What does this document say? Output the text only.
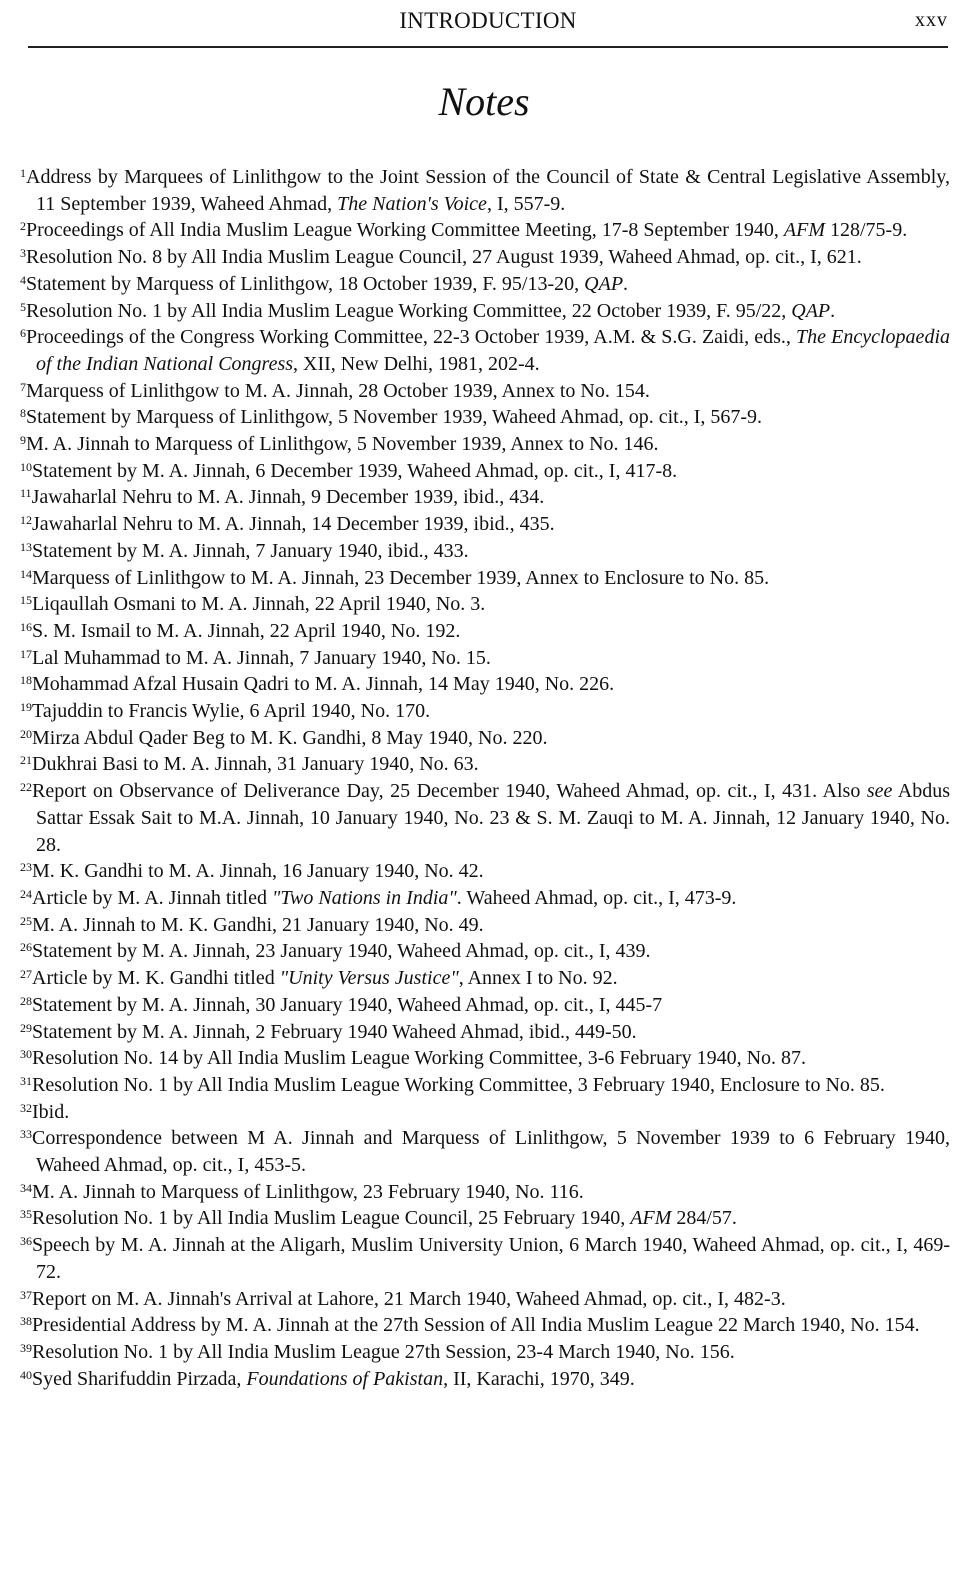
INTRODUCTION	xxv
Notes
$^1$Address by Marquees of Linlithgow to the Joint Session of the Council of State & Central Legislative Assembly, 11 September 1939, Waheed Ahmad, The Nation's Voice, I, 557-9.
$^2$Proceedings of All India Muslim League Working Committee Meeting, 17-8 September 1940, AFM 128/75-9.
$^3$Resolution No. 8 by All India Muslim League Council, 27 August 1939, Waheed Ahmad, op. cit., I, 621.
$^4$Statement by Marquess of Linlithgow, 18 October 1939, F. 95/13-20, QAP.
$^5$Resolution No. 1 by All India Muslim League Working Committee, 22 October 1939, F. 95/22, QAP.
$^6$Proceedings of the Congress Working Committee, 22-3 October 1939, A.M. & S.G. Zaidi, eds., The Encyclopaedia of the Indian National Congress, XII, New Delhi, 1981, 202-4.
$^7$Marquess of Linlithgow to M. A. Jinnah, 28 October 1939, Annex to No. 154.
$^8$Statement by Marquess of Linlithgow, 5 November 1939, Waheed Ahmad, op. cit., I, 567-9.
$^9$M. A. Jinnah to Marquess of Linlithgow, 5 November 1939, Annex to No. 146.
$^{10}$Statement by M. A. Jinnah, 6 December 1939, Waheed Ahmad, op. cit., I, 417-8.
$^{11}$Jawaharlal Nehru to M. A. Jinnah, 9 December 1939, ibid., 434.
$^{12}$Jawaharlal Nehru to M. A. Jinnah, 14 December 1939, ibid., 435.
$^{13}$Statement by M. A. Jinnah, 7 January 1940, ibid., 433.
$^{14}$Marquess of Linlithgow to M. A. Jinnah, 23 December 1939, Annex to Enclosure to No. 85.
$^{15}$Liqaullah Osmani to M. A. Jinnah, 22 April 1940, No. 3.
$^{16}$S. M. Ismail to M. A. Jinnah, 22 April 1940, No. 192.
$^{17}$Lal Muhammad to M. A. Jinnah, 7 January 1940, No. 15.
$^{18}$Mohammad Afzal Husain Qadri to M. A. Jinnah, 14 May 1940, No. 226.
$^{19}$Tajuddin to Francis Wylie, 6 April 1940, No. 170.
$^{20}$Mirza Abdul Qader Beg to M. K. Gandhi, 8 May 1940, No. 220.
$^{21}$Dukhrai Basi to M. A. Jinnah, 31 January 1940, No. 63.
$^{22}$Report on Observance of Deliverance Day, 25 December 1940, Waheed Ahmad, op. cit., I, 431. Also see Abdus Sattar Essak Sait to M.A. Jinnah, 10 January 1940, No. 23 & S. M. Zauqi to M. A. Jinnah, 12 January 1940, No. 28.
$^{23}$M. K. Gandhi to M. A. Jinnah, 16 January 1940, No. 42.
$^{24}$Article by M. A. Jinnah titled "Two Nations in India". Waheed Ahmad, op. cit., I, 473-9.
$^{25}$M. A. Jinnah to M. K. Gandhi, 21 January 1940, No. 49.
$^{26}$Statement by M. A. Jinnah, 23 January 1940, Waheed Ahmad, op. cit., I, 439.
$^{27}$Article by M. K. Gandhi titled "Unity Versus Justice", Annex I to No. 92.
$^{28}$Statement by M. A. Jinnah, 30 January 1940, Waheed Ahmad, op. cit., I, 445-7
$^{29}$Statement by M. A. Jinnah, 2 February 1940 Waheed Ahmad, ibid., 449-50.
$^{30}$Resolution No. 14 by All India Muslim League Working Committee, 3-6 February 1940, No. 87.
$^{31}$Resolution No. 1 by All India Muslim League Working Committee, 3 February 1940, Enclosure to No. 85.
$^{32}$Ibid.
$^{33}$Correspondence between M A. Jinnah and Marquess of Linlithgow, 5 November 1939 to 6 February 1940, Waheed Ahmad, op. cit., I, 453-5.
$^{34}$M. A. Jinnah to Marquess of Linlithgow, 23 February 1940, No. 116.
$^{35}$Resolution No. 1 by All India Muslim League Council, 25 February 1940, AFM 284/57.
$^{36}$Speech by M. A. Jinnah at the Aligarh, Muslim University Union, 6 March 1940, Waheed Ahmad, op. cit., I, 469-72.
$^{37}$Report on M. A. Jinnah's Arrival at Lahore, 21 March 1940, Waheed Ahmad, op. cit., I, 482-3.
$^{38}$Presidential Address by M. A. Jinnah at the 27th Session of All India Muslim League 22 March 1940, No. 154.
$^{39}$Resolution No. 1 by All India Muslim League 27th Session, 23-4 March 1940, No. 156.
$^{40}$Syed Sharifuddin Pirzada, Foundations of Pakistan, II, Karachi, 1970, 349.
